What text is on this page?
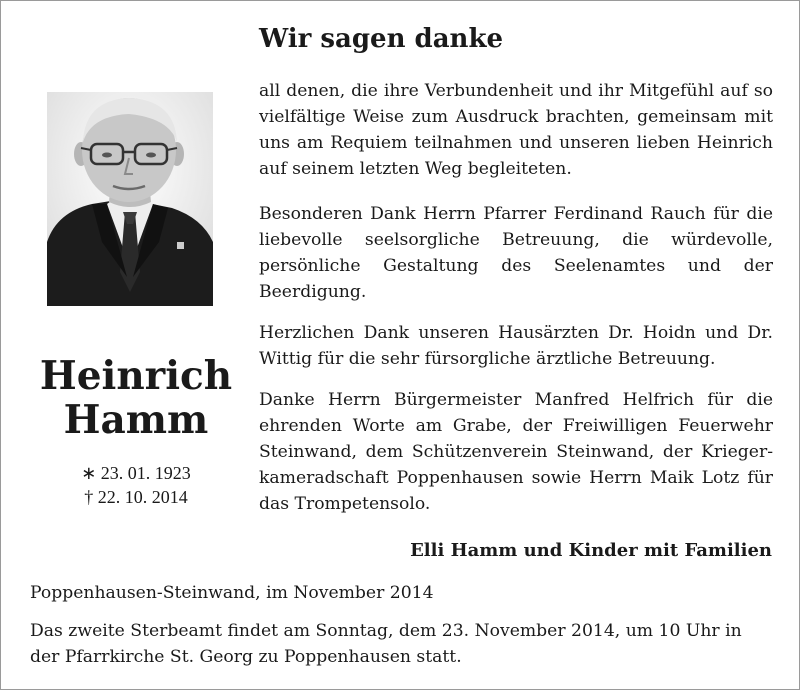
Heinrich
Hamm
∗ 23. 01. 1923
† 22. 10. 2014
Wir sagen danke

all denen, die ihre Verbundenheit und ihr Mitgefühl auf so vielfältige Weise zum Ausdruck brachten, gemeinsam mit uns am Requiem teilnahmen und unseren lieben Heinrich auf seinem letzten Weg begleiteten.

Besonderen Dank Herrn Pfarrer Ferdinand Rauch für die liebevolle seelsorgliche Betreuung, die würdevolle, persönliche Gestaltung des Seelenamtes und der Beerdigung.

Herzlichen Dank unseren Hausärzten Dr. Hoidn und Dr. Wittig für die sehr fürsorgliche ärztliche Betreuung.

Danke Herrn Bürgermeister Manfred Helfrich für die ehrenden Worte am Grabe, der Freiwilligen Feuerwehr Steinwand, dem Schützenverein Steinwand, der Kriegerkameradschaft Poppenhausen sowie Herrn Maik Lotz für das Trompetensolo.

Elli Hamm und Kinder mit Familien
Poppenhausen-Steinwand, im November 2014

Das zweite Sterbeamt findet am Sonntag, dem 23. November 2014, um 10 Uhr in der Pfarrkirche St. Georg zu Poppenhausen statt.
